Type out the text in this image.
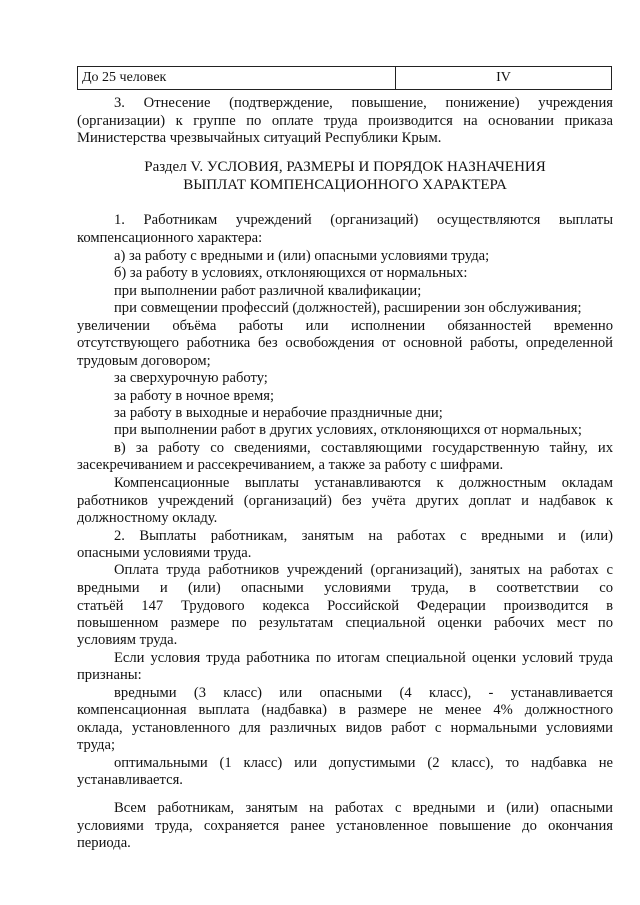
До 25 человек	IV
3. Отнесение (подтверждение, повышение, понижение) учреждения
(организации) к группе по оплате труда производится на основании приказа
Министерства чрезвычайных ситуаций Республики Крым.
Раздел V. УСЛОВИЯ, РАЗМЕРЫ И ПОРЯДОК НАЗНАЧЕНИЯ
ВЫПЛАТ КОМПЕНСАЦИОННОГО ХАРАКТЕРА
1. Работникам учреждений (организаций) осуществляются выплаты
компенсационного характера:
а) за работу с вредными и (или) опасными условиями труда;
б) за работу в условиях, отклоняющихся от нормальных:
при выполнении работ различной квалификации;
при совмещении профессий (должностей), расширении зон обслуживания;
увеличении объёма работы или исполнении обязанностей временно
отсутствующего работника без освобождения от основной работы, определенной
трудовым договором;
за сверхурочную работу;
за работу в ночное время;
за работу в выходные и нерабочие праздничные дни;
при выполнении работ в других условиях, отклоняющихся от нормальных;
в) за работу со сведениями, составляющими государственную тайну, их
засекречиванием и рассекречиванием, а также за работу с шифрами.
Компенсационные выплаты устанавливаются к должностным окладам
работников учреждений (организаций) без учёта других доплат и надбавок к
должностному окладу.
2. Выплаты работникам, занятым на работах с вредными и (или)
опасными условиями труда.
Оплата труда работников учреждений (организаций), занятых на работах с
вредными и (или) опасными условиями труда, в соответствии со
статьёй 147 Трудового кодекса Российской Федерации производится в
повышенном размере по результатам специальной оценки рабочих мест по
условиям труда.
Если условия труда работника по итогам специальной оценки условий труда
признаны:
вредными (3 класс) или опасными (4 класс), - устанавливается
компенсационная выплата (надбавка) в размере не менее 4% должностного
оклада, установленного для различных видов работ с нормальными условиями
труда;
оптимальными (1 класс) или допустимыми (2 класс), то надбавка не
устанавливается.
Всем работникам, занятым на работах с вредными и (или) опасными
условиями труда, сохраняется ранее установленное повышение до окончания
периода.
